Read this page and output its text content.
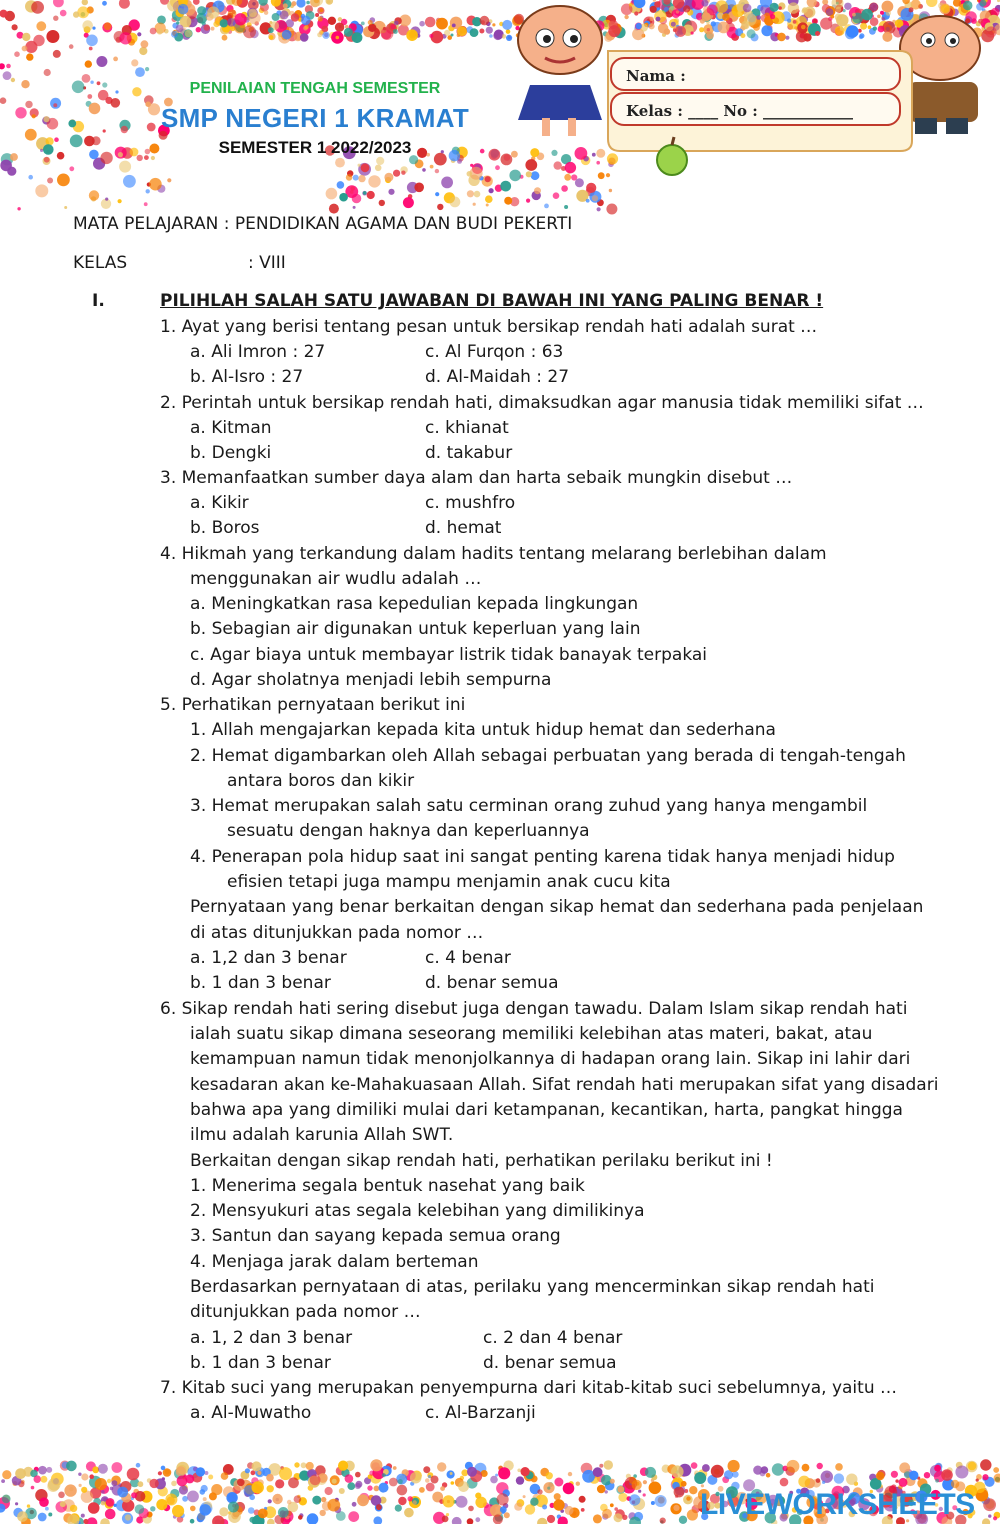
Nama :
Kelas : ____ No : ____________
PENILAIAN TENGAH SEMESTER
SMP NEGERI 1 KRAMAT
SEMESTER 1 2022/2023
MATA PELAJARAN : PENDIDIKAN AGAMA DAN BUDI PEKERTI
KELAS	: VIII
I.	PILIHLAH SALAH SATU JAWABAN DI BAWAH INI YANG PALING BENAR !
1. Ayat yang berisi tentang pesan untuk bersikap rendah hati adalah surat …
a. Ali Imron : 27	c. Al Furqon : 63
b. Al-Isro : 27	d. Al-Maidah : 27
2. Perintah untuk bersikap rendah hati, dimaksudkan agar manusia tidak memiliki sifat …
a. Kitman	c. khianat
b. Dengki	d. takabur
3. Memanfaatkan sumber daya alam dan harta sebaik mungkin disebut …
a. Kikir	c. mushfro
b. Boros	d. hemat
4. Hikmah yang terkandung dalam hadits tentang melarang berlebihan dalam
menggunakan air wudlu adalah …
a. Meningkatkan rasa kepedulian kepada lingkungan
b. Sebagian air digunakan untuk keperluan yang lain
c. Agar biaya untuk membayar listrik tidak banayak terpakai
d. Agar sholatnya menjadi lebih sempurna
5. Perhatikan pernyataan berikut ini
1. Allah mengajarkan kepada kita untuk hidup hemat dan sederhana
2. Hemat digambarkan oleh Allah sebagai perbuatan yang berada di tengah-tengah
antara boros dan kikir
3. Hemat merupakan salah satu cerminan orang zuhud yang hanya mengambil
sesuatu dengan haknya dan keperluannya
4. Penerapan pola hidup saat ini sangat penting karena tidak hanya menjadi hidup
efisien tetapi juga mampu menjamin anak cucu kita
Pernyataan yang benar berkaitan dengan sikap hemat dan sederhana pada penjelaan
di atas ditunjukkan pada nomor …
a. 1,2 dan 3 benar	c. 4 benar
b. 1 dan 3 benar	d. benar semua
6. Sikap rendah hati sering disebut juga dengan tawadu. Dalam Islam sikap rendah hati
ialah suatu sikap dimana seseorang memiliki kelebihan atas materi, bakat, atau
kemampuan namun tidak menonjolkannya di hadapan orang lain. Sikap ini lahir dari
kesadaran akan ke-Mahakuasaan Allah. Sifat rendah hati merupakan sifat yang disadari
bahwa apa yang dimiliki mulai dari ketampanan, kecantikan, harta, pangkat hingga
ilmu adalah karunia Allah SWT.
Berkaitan dengan sikap rendah hati, perhatikan perilaku berikut ini !
1. Menerima segala bentuk nasehat yang baik
2. Mensyukuri atas segala kelebihan yang dimilikinya
3. Santun dan sayang kepada semua orang
4. Menjaga jarak dalam berteman
Berdasarkan pernyataan di atas, perilaku yang mencerminkan sikap rendah hati
ditunjukkan pada nomor …
a. 1, 2 dan 3 benar	c. 2 dan 4 benar
b. 1 dan 3 benar	d. benar semua
7. Kitab suci yang merupakan penyempurna dari kitab-kitab suci sebelumnya, yaitu …
a. Al-Muwatho	c. Al-Barzanji
LIVEWORKSHEETS
